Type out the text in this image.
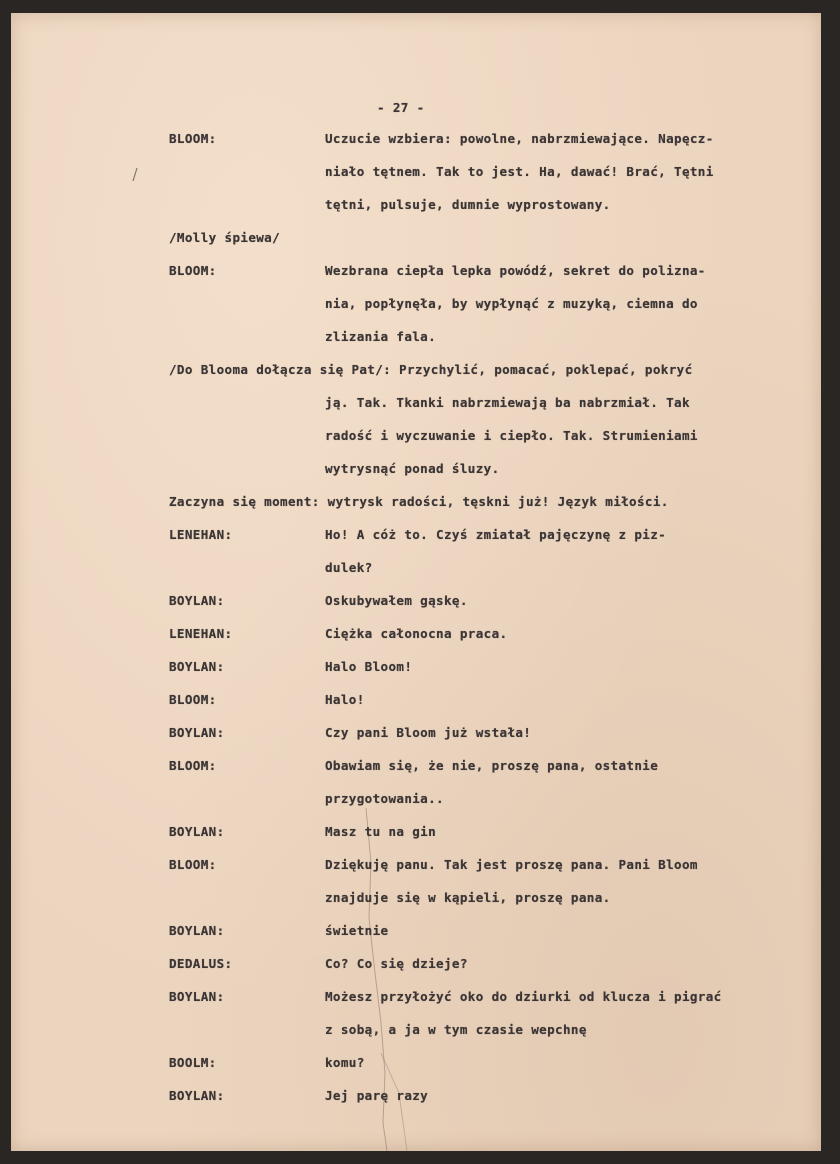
- 27 -
BLOOM:	Uczucie wzbiera: powolne, nabrzmiewające. Napęcz-
niało tętnem. Tak to jest. Ha, dawać! Brać, Tętni
tętni, pulsuje, dumnie wyprostowany.
/Molly śpiewa/
BLOOM:	Wezbrana ciepła lepka powódź, sekret do polizna-
nia, popłynęła, by wypłynąć z muzyką, ciemna do
zlizania fala.
/Do Blooma dołącza się Pat/: Przychylić, pomacać, poklepać, pokryć
ją. Tak. Tkanki nabrzmiewają ba nabrzmiał. Tak
radość i wyczuwanie i ciepło. Tak. Strumieniami
wytrysnąć ponad śluzy.
Zaczyna się moment: wytrysk radości, tęskni już! Język miłości.
LENEHAN:	Ho! A cóż to. Czyś zmiatał pajęczynę z piz-
dulek?
BOYLAN:	Oskubywałem gąskę.
LENEHAN:	Ciężka całonocna praca.
BOYLAN:	Halo Bloom!
BLOOM:	Halo!
BOYLAN:	Czy pani Bloom już wstała!
BLOOM:	Obawiam się, że nie, proszę pana, ostatnie
przygotowania..
BOYLAN:	Masz tu na gin
BLOOM:	Dziękuję panu. Tak jest proszę pana. Pani Bloom
znajduje się w kąpieli, proszę pana.
BOYLAN:	świetnie
DEDALUS:	Co? Co się dzieje?
BOYLAN:	Możesz przyłożyć oko do dziurki od klucza i pigrać
z sobą, a ja w tym czasie wepchnę
BOOLM:	komu?
BOYLAN:	Jej parę razy
